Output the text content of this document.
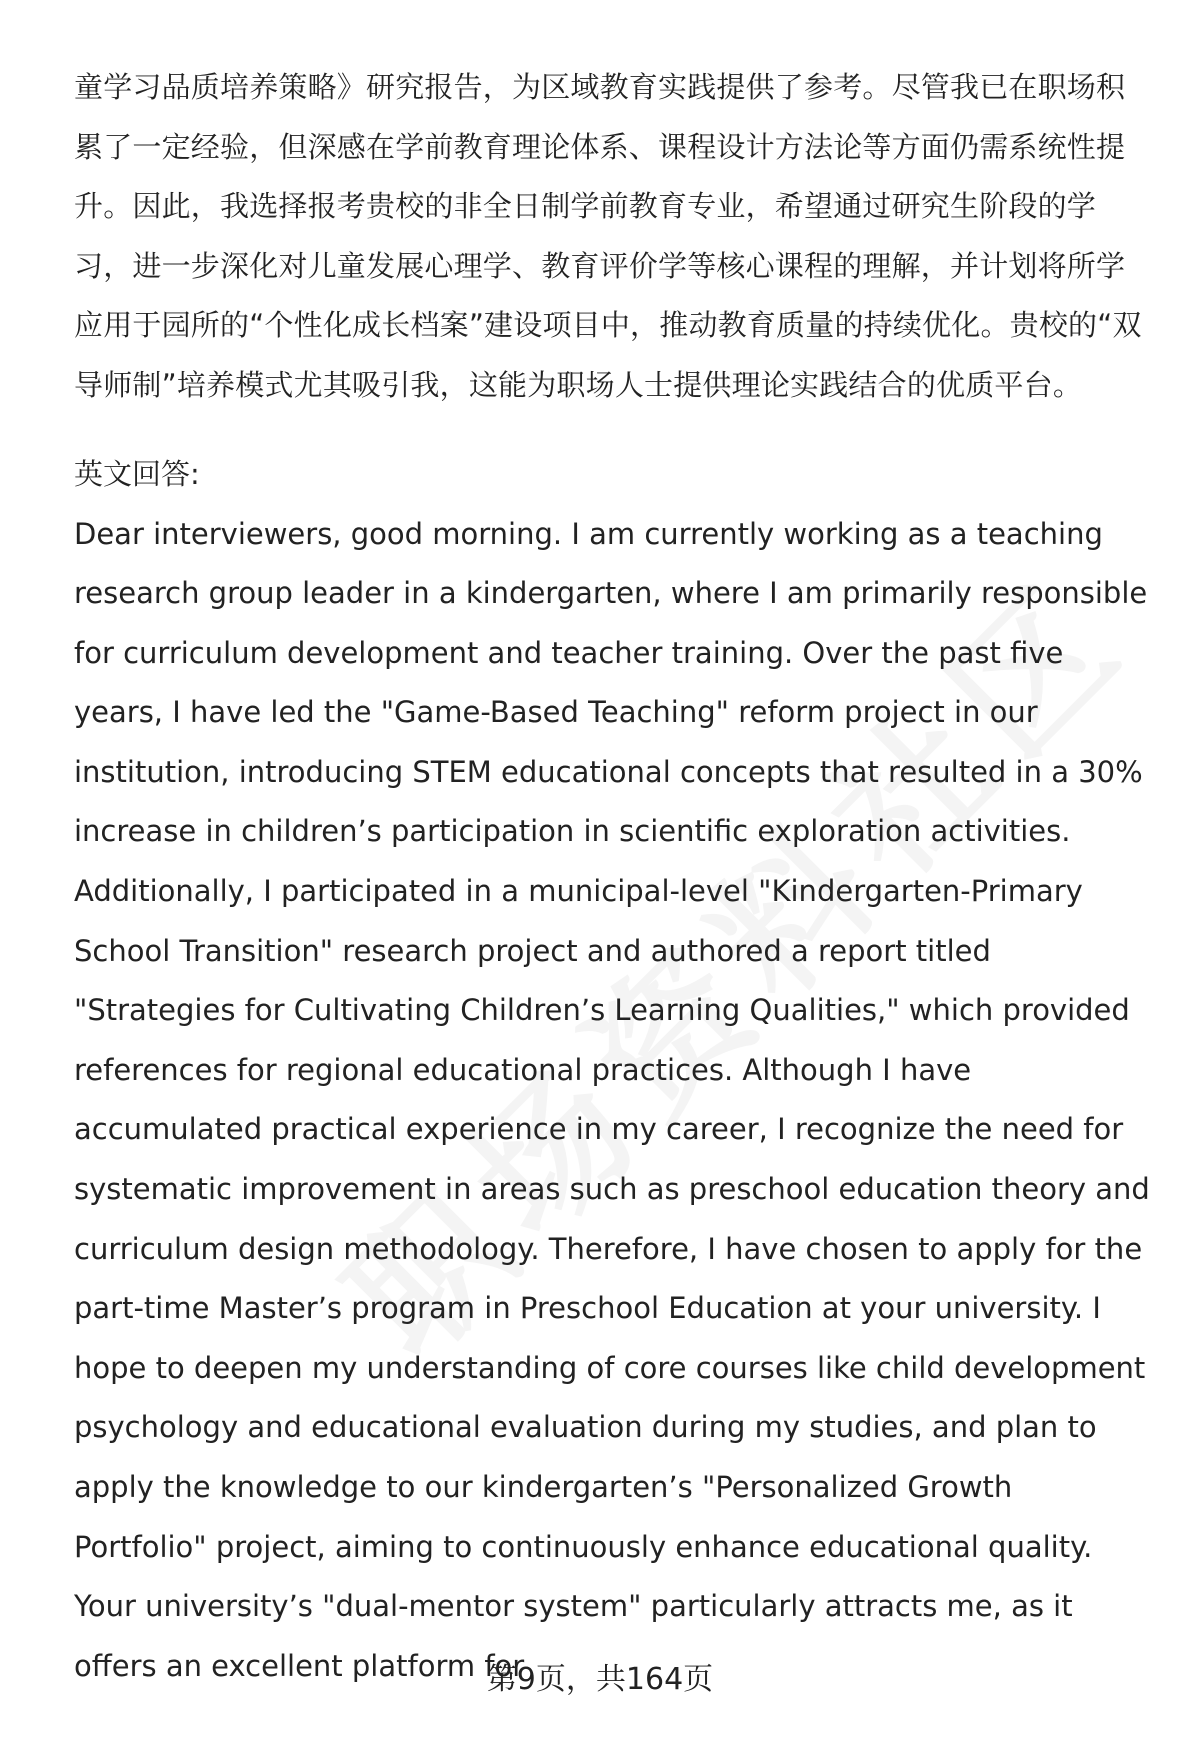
童学习品质培养策略》研究报告，为区域教育实践提供了参考。尽管我已在职场积累了一定经验，但深感在学前教育理论体系、课程设计方法论等方面仍需系统性提升。因此，我选择报考贵校的非全日制学前教育专业，希望通过研究生阶段的学习，进一步深化对儿童发展心理学、教育评价学等核心课程的理解，并计划将所学应用于园所的“个性化成长档案”建设项目中，推动教育质量的持续优化。贵校的“双导师制”培养模式尤其吸引我，这能为职场人士提供理论实践结合的优质平台。

英文回答:

Dear interviewers, good morning. I am currently working as a teaching research group leader in a kindergarten, where I am primarily responsible for curriculum development and teacher training. Over the past five years, I have led the "Game-Based Teaching" reform project in our institution, introducing STEM educational concepts that resulted in a 30% increase in children’s participation in scientific exploration activities. Additionally, I participated in a municipal-level "Kindergarten-Primary School Transition" research project and authored a report titled "Strategies for Cultivating Children’s Learning Qualities," which provided references for regional educational practices. Although I have accumulated practical experience in my career, I recognize the need for systematic improvement in areas such as preschool education theory and curriculum design methodology. Therefore, I have chosen to apply for the part-time Master’s program in Preschool Education at your university. I hope to deepen my understanding of core courses like child development psychology and educational evaluation during my studies, and plan to apply the knowledge to our kindergarten’s "Personalized Growth Portfolio" project, aiming to continuously enhance educational quality. Your university’s "dual-mentor system" particularly attracts me, as it offers an excellent platform for

第9页，共164页
